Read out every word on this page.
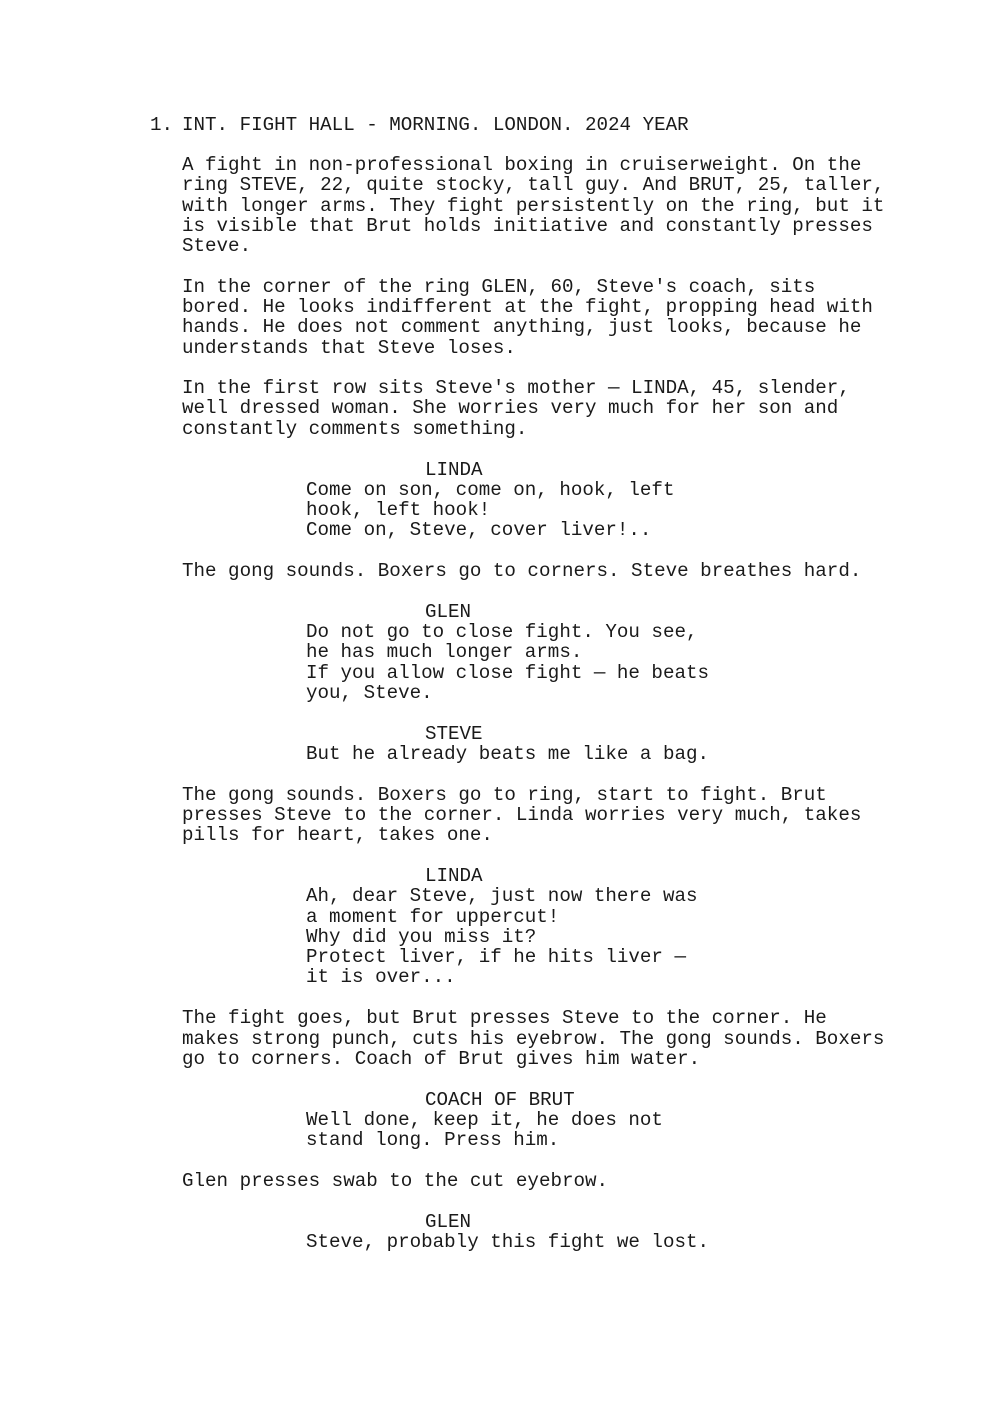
1. INT. FIGHT HALL - MORNING. LONDON. 2024 YEAR

A fight in non-professional boxing in cruiserweight. On the

ring STEVE, 22, quite stocky, tall guy. And BRUT, 25, taller,

with longer arms. They fight persistently on the ring, but it

is visible that Brut holds initiative and constantly presses

Steve.

In the corner of the ring GLEN, 60, Steve's coach, sits

bored. He looks indifferent at the fight, propping head with

hands. He does not comment anything, just looks, because he

understands that Steve loses.

In the first row sits Steve's mother — LINDA, 45, slender,

well dressed woman. She worries very much for her son and

constantly comments something.

LINDA

Come on son, come on, hook, left

hook, left hook!

Come on, Steve, cover liver!..

The gong sounds. Boxers go to corners. Steve breathes hard.

GLEN

Do not go to close fight. You see,

he has much longer arms.

If you allow close fight — he beats

you, Steve.

STEVE

But he already beats me like a bag.

The gong sounds. Boxers go to ring, start to fight. Brut

presses Steve to the corner. Linda worries very much, takes

pills for heart, takes one.

LINDA

Ah, dear Steve, just now there was

a moment for uppercut!

Why did you miss it?

Protect liver, if he hits liver —

it is over...

The fight goes, but Brut presses Steve to the corner. He

makes strong punch, cuts his eyebrow. The gong sounds. Boxers

go to corners. Coach of Brut gives him water.

COACH OF BRUT

Well done, keep it, he does not

stand long. Press him.

Glen presses swab to the cut eyebrow.

GLEN

Steve, probably this fight we lost.
